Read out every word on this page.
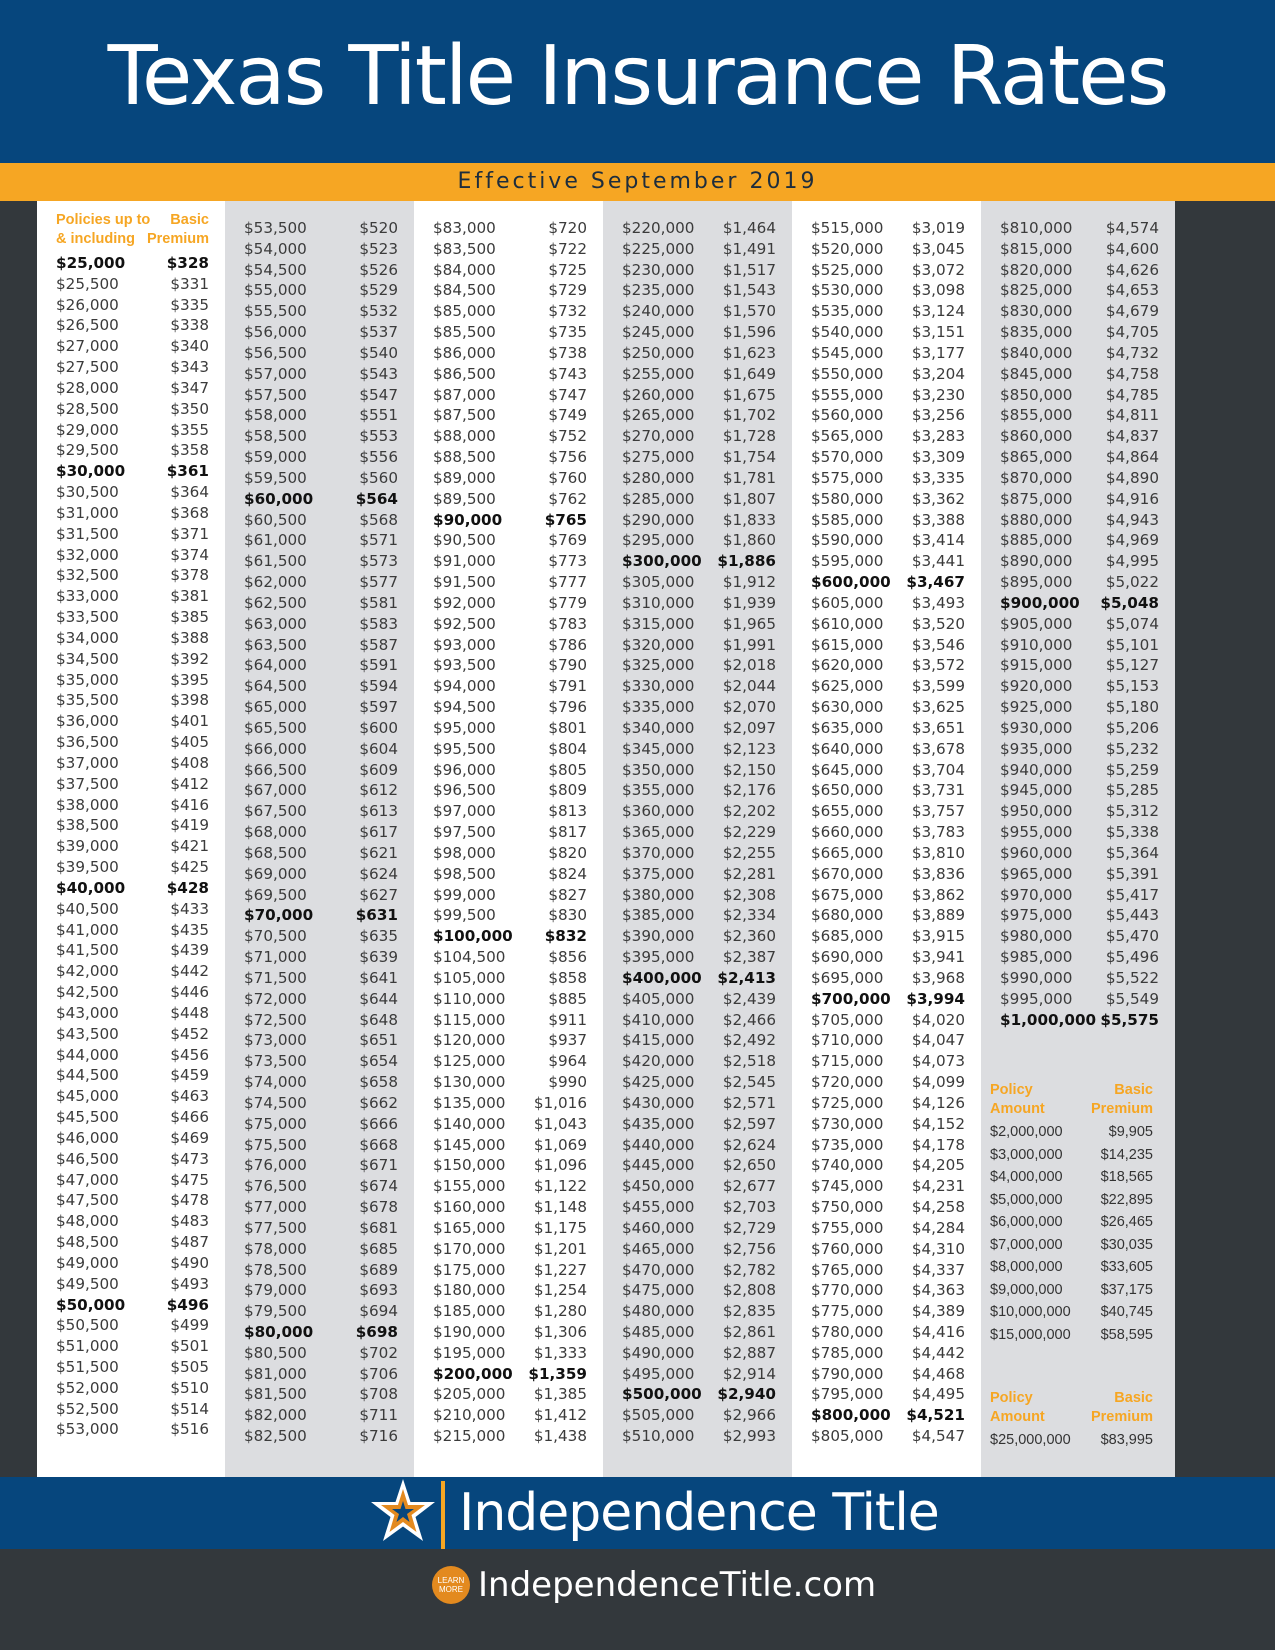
Texas Title Insurance Rates
Effective September 2019
Policies up to Basic
& including Premium
$25,000	$328
$25,500	$331
$26,000	$335
$26,500	$338
$27,000	$340
$27,500	$343
$28,000	$347
$28,500	$350
$29,000	$355
$29,500	$358
$30,000	$361
$30,500	$364
$31,000	$368
$31,500	$371
$32,000	$374
$32,500	$378
$33,000	$381
$33,500	$385
$34,000	$388
$34,500	$392
$35,000	$395
$35,500	$398
$36,000	$401
$36,500	$405
$37,000	$408
$37,500	$412
$38,000	$416
$38,500	$419
$39,000	$421
$39,500	$425
$40,000	$428
$40,500	$433
$41,000	$435
$41,500	$439
$42,000	$442
$42,500	$446
$43,000	$448
$43,500	$452
$44,000	$456
$44,500	$459
$45,000	$463
$45,500	$466
$46,000	$469
$46,500	$473
$47,000	$475
$47,500	$478
$48,000	$483
$48,500	$487
$49,000	$490
$49,500	$493
$50,000	$496
$50,500	$499
$51,000	$501
$51,500	$505
$52,000	$510
$52,500	$514
$53,000	$516
$53,500	$520
$54,000	$523
$54,500	$526
$55,000	$529
$55,500	$532
$56,000	$537
$56,500	$540
$57,000	$543
$57,500	$547
$58,000	$551
$58,500	$553
$59,000	$556
$59,500	$560
$60,000	$564
$60,500	$568
$61,000	$571
$61,500	$573
$62,000	$577
$62,500	$581
$63,000	$583
$63,500	$587
$64,000	$591
$64,500	$594
$65,000	$597
$65,500	$600
$66,000	$604
$66,500	$609
$67,000	$612
$67,500	$613
$68,000	$617
$68,500	$621
$69,000	$624
$69,500	$627
$70,000	$631
$70,500	$635
$71,000	$639
$71,500	$641
$72,000	$644
$72,500	$648
$73,000	$651
$73,500	$654
$74,000	$658
$74,500	$662
$75,000	$666
$75,500	$668
$76,000	$671
$76,500	$674
$77,000	$678
$77,500	$681
$78,000	$685
$78,500	$689
$79,000	$693
$79,500	$694
$80,000	$698
$80,500	$702
$81,000	$706
$81,500	$708
$82,000	$711
$82,500	$716
$83,000	$720
$83,500	$722
$84,000	$725
$84,500	$729
$85,000	$732
$85,500	$735
$86,000	$738
$86,500	$743
$87,000	$747
$87,500	$749
$88,000	$752
$88,500	$756
$89,000	$760
$89,500	$762
$90,000	$765
$90,500	$769
$91,000	$773
$91,500	$777
$92,000	$779
$92,500	$783
$93,000	$786
$93,500	$790
$94,000	$791
$94,500	$796
$95,000	$801
$95,500	$804
$96,000	$805
$96,500	$809
$97,000	$813
$97,500	$817
$98,000	$820
$98,500	$824
$99,000	$827
$99,500	$830
$100,000 $832
$104,500	$856
$105,000	$858
$110,000	$885
$115,000	$911
$120,000	$937
$125,000	$964
$130,000	$990
$135,000 $1,016
$140,000 $1,043
$145,000 $1,069
$150,000 $1,096
$155,000 $1,122
$160,000 $1,148
$165,000 $1,175
$170,000 $1,201
$175,000 $1,227
$180,000 $1,254
$185,000 $1,280
$190,000 $1,306
$195,000 $1,333
$200,000 $1,359
$205,000 $1,385
$210,000 $1,412
$215,000 $1,438
$220,000 $1,464
$225,000 $1,491
$230,000 $1,517
$235,000 $1,543
$240,000 $1,570
$245,000 $1,596
$250,000 $1,623
$255,000 $1,649
$260,000 $1,675
$265,000 $1,702
$270,000 $1,728
$275,000 $1,754
$280,000 $1,781
$285,000 $1,807
$290,000 $1,833
$295,000 $1,860
$300,000 $1,886
$305,000 $1,912
$310,000 $1,939
$315,000 $1,965
$320,000 $1,991
$325,000 $2,018
$330,000 $2,044
$335,000 $2,070
$340,000 $2,097
$345,000 $2,123
$350,000 $2,150
$355,000 $2,176
$360,000 $2,202
$365,000 $2,229
$370,000 $2,255
$375,000 $2,281
$380,000 $2,308
$385,000 $2,334
$390,000 $2,360
$395,000 $2,387
$400,000 $2,413
$405,000 $2,439
$410,000 $2,466
$415,000 $2,492
$420,000 $2,518
$425,000 $2,545
$430,000 $2,571
$435,000 $2,597
$440,000 $2,624
$445,000 $2,650
$450,000 $2,677
$455,000 $2,703
$460,000 $2,729
$465,000 $2,756
$470,000 $2,782
$475,000 $2,808
$480,000 $2,835
$485,000 $2,861
$490,000 $2,887
$495,000 $2,914
$500,000 $2,940
$505,000 $2,966
$510,000 $2,993
$515,000 $3,019
$520,000 $3,045
$525,000 $3,072
$530,000 $3,098
$535,000 $3,124
$540,000 $3,151
$545,000 $3,177
$550,000 $3,204
$555,000 $3,230
$560,000 $3,256
$565,000 $3,283
$570,000 $3,309
$575,000 $3,335
$580,000 $3,362
$585,000 $3,388
$590,000 $3,414
$595,000 $3,441
$600,000 $3,467
$605,000 $3,493
$610,000 $3,520
$615,000 $3,546
$620,000 $3,572
$625,000 $3,599
$630,000 $3,625
$635,000 $3,651
$640,000 $3,678
$645,000 $3,704
$650,000 $3,731
$655,000 $3,757
$660,000 $3,783
$665,000 $3,810
$670,000 $3,836
$675,000 $3,862
$680,000 $3,889
$685,000 $3,915
$690,000 $3,941
$695,000 $3,968
$700,000 $3,994
$705,000 $4,020
$710,000 $4,047
$715,000 $4,073
$720,000 $4,099
$725,000 $4,126
$730,000 $4,152
$735,000 $4,178
$740,000 $4,205
$745,000 $4,231
$750,000 $4,258
$755,000 $4,284
$760,000 $4,310
$765,000 $4,337
$770,000 $4,363
$775,000 $4,389
$780,000 $4,416
$785,000 $4,442
$790,000 $4,468
$795,000 $4,495
$800,000 $4,521
$805,000 $4,547
Policy	Basic
Amount	Premium
$2,000,000	$9,905
$3,000,000	$14,235
$4,000,000	$18,565
$5,000,000	$22,895
$6,000,000	$26,465
$7,000,000	$30,035
$8,000,000	$33,605
$9,000,000	$37,175
$10,000,000 $40,745
$15,000,000 $58,595
Policy	Basic
Amount	Premium
$25,000,000 $83,995
$810,000 $4,574
$815,000 $4,600
$820,000 $4,626
$825,000 $4,653
$830,000 $4,679
$835,000 $4,705
$840,000 $4,732
$845,000 $4,758
$850,000 $4,785
$855,000 $4,811
$860,000 $4,837
$865,000 $4,864
$870,000 $4,890
$875,000 $4,916
$880,000 $4,943
$885,000 $4,969
$890,000 $4,995
$895,000 $5,022
$900,000 $5,048
$905,000 $5,074
$910,000 $5,101
$915,000 $5,127
$920,000 $5,153
$925,000 $5,180
$930,000 $5,206
$935,000 $5,232
$940,000 $5,259
$945,000 $5,285
$950,000 $5,312
$955,000 $5,338
$960,000 $5,364
$965,000 $5,391
$970,000 $5,417
$975,000 $5,443
$980,000 $5,470
$985,000 $5,496
$990,000 $5,522
$995,000 $5,549
$1,000,000 $5,575
Independence Title
LEARN
MORE IndependenceTitle.com
